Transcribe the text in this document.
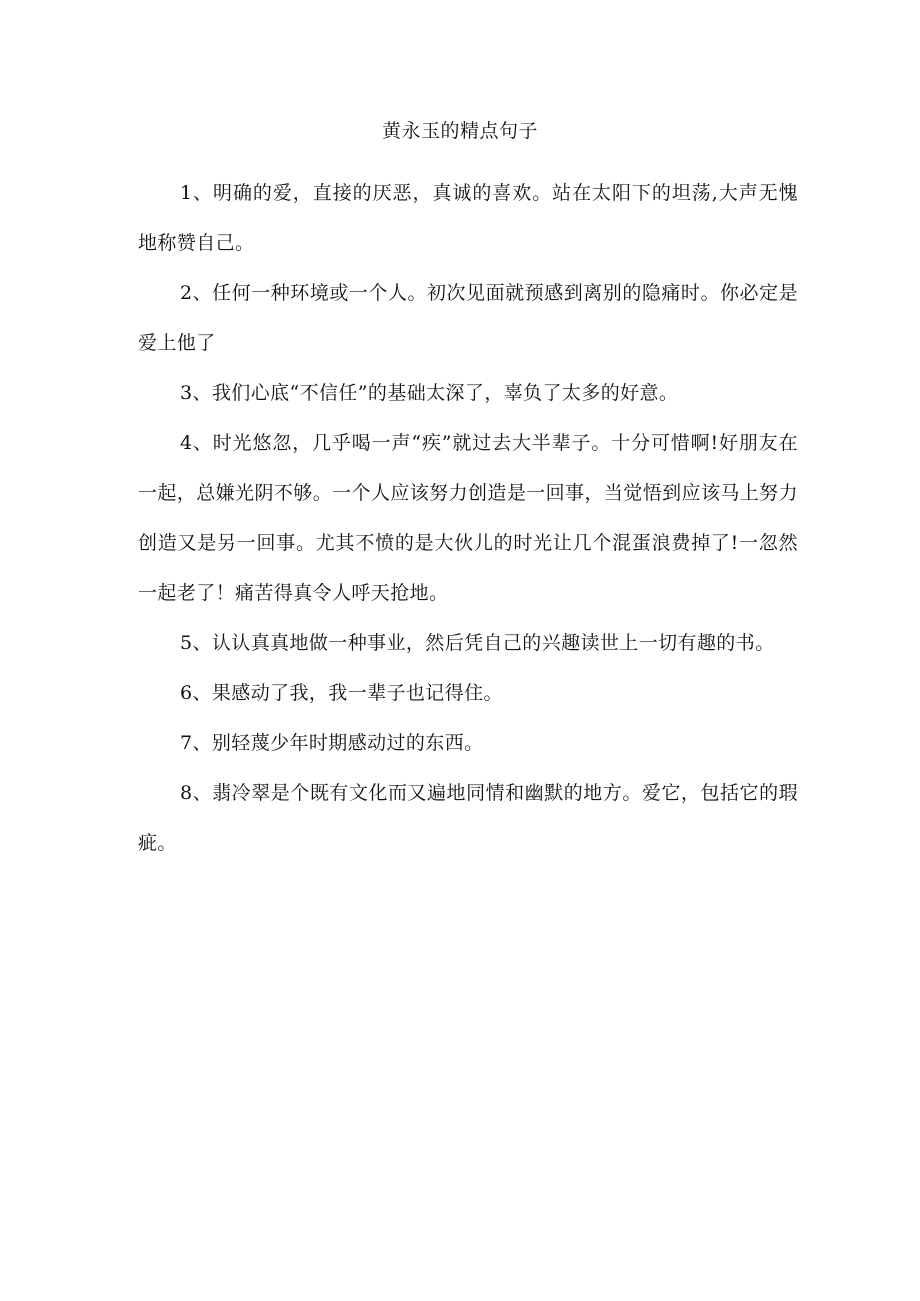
黄永玉的精点句子

1、明确的爱，直接的厌恶，真诚的喜欢。站在太阳下的坦荡,大声无愧地称赞自己。

2、任何一种环境或一个人。初次见面就预感到离别的隐痛时。你必定是爱上他了

3、我们心底“不信任”的基础太深了，辜负了太多的好意。

4、时光悠忽，几乎喝一声“疾”就过去大半辈子。十分可惜啊!好朋友在一起，总嫌光阴不够。一个人应该努力创造是一回事，当觉悟到应该马上努力创造又是另一回事。尤其不愤的是大伙儿的时光让几个混蛋浪费掉了!一忽然一起老了！痛苦得真令人呼天抢地。

5、认认真真地做一种事业，然后凭自己的兴趣读世上一切有趣的书。

6、果感动了我，我一辈子也记得住。

7、别轻蔑少年时期感动过的东西。

8、翡冷翠是个既有文化而又遍地同情和幽默的地方。爱它，包括它的瑕疵。
